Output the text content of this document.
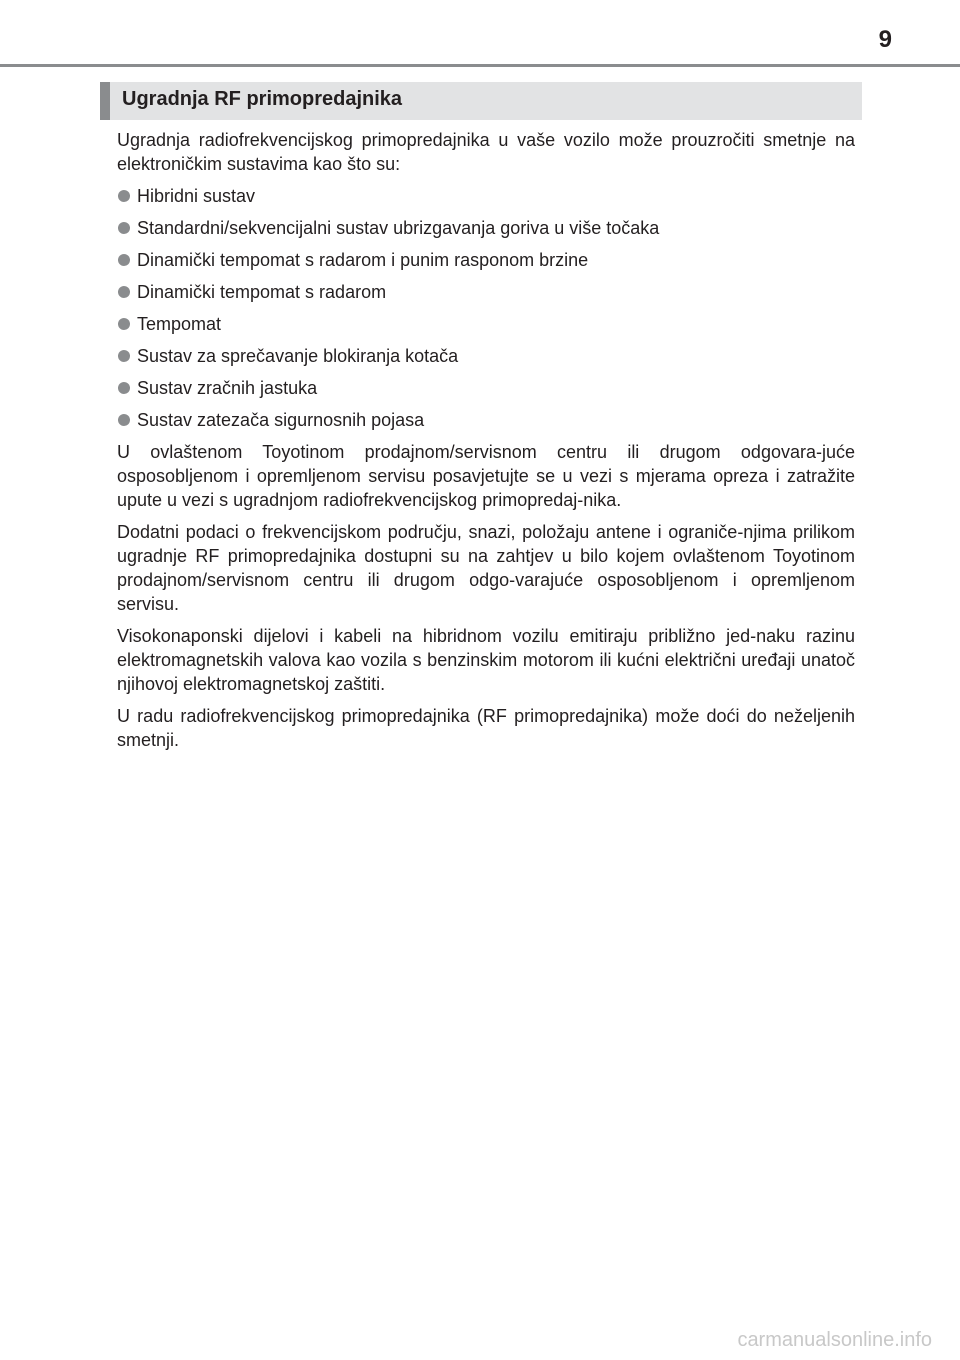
9
Ugradnja RF primopredajnika

Ugradnja radiofrekvencijskog primopredajnika u vaše vozilo može prouzročiti smetnje na elektroničkim sustavima kao što su:

Hibridni sustav
Standardni/sekvencijalni sustav ubrizgavanja goriva u više točaka
Dinamički tempomat s radarom i punim rasponom brzine
Dinamički tempomat s radarom
Tempomat
Sustav za sprečavanje blokiranja kotača
Sustav zračnih jastuka
Sustav zatezača sigurnosnih pojasa

U ovlaštenom Toyotinom prodajnom/servisnom centru ili drugom odgovara-juće osposobljenom i opremljenom servisu posavjetujte se u vezi s mjerama opreza i zatražite upute u vezi s ugradnjom radiofrekvencijskog primopredaj-nika.

Dodatni podaci o frekvencijskom području, snazi, položaju antene i ograniče-njima prilikom ugradnje RF primopredajnika dostupni su na zahtjev u bilo kojem ovlaštenom Toyotinom prodajnom/servisnom centru ili drugom odgo-varajuće osposobljenom i opremljenom servisu.

Visokonaponski dijelovi i kabeli na hibridnom vozilu emitiraju približno jed-naku razinu elektromagnetskih valova kao vozila s benzinskim motorom ili kućni električni uređaji unatoč njihovoj elektromagnetskoj zaštiti.

U radu radiofrekvencijskog primopredajnika (RF primopredajnika) može doći do neželjenih smetnji.

carmanualsonline.info
